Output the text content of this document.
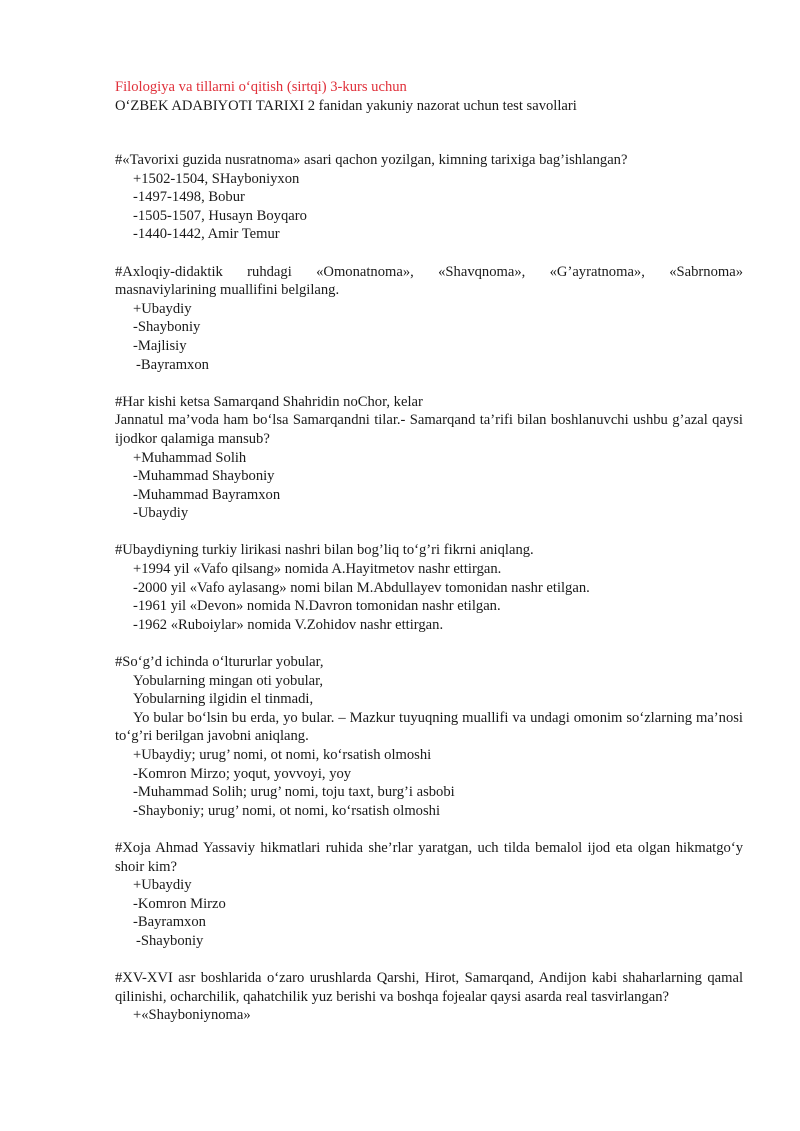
Filologiya va tillarni o‘qitish (sirtqi) 3-kurs uchun
O‘ZBEK ADABIYOTI TARIXI 2 fanidan yakuniy nazorat uchun test savollari
#«Tavorixi guzida nusratnoma» asari qachon yozilgan, kimning tarixiga bag’ishlangan?
+1502-1504, SHayboniyxon
-1497-1498, Bobur
-1505-1507, Husayn Boyqaro
-1440-1442, Amir Temur
#Axloqiy-didaktik ruhdagi «Omonatnoma», «Shavqnoma», «G’ayratnoma», «Sabrnoma» masnaviylarining muallifini belgilang.
+Ubaydiy
-Shayboniy
-Majlisiy
-Bayramxon
#Har kishi ketsa Samarqand Shahridin noChor, kelar
Jannatul ma’voda ham bo‘lsa Samarqandni tilar.- Samarqand ta’rifi bilan boshlanuvchi ushbu g’azal qaysi ijodkor qalamiga mansub?
+Muhammad Solih
-Muhammad Shayboniy
-Muhammad Bayramxon
-Ubaydiy
#Ubaydiyning turkiy lirikasi nashri bilan bog’liq to‘g’ri fikrni aniqlang.
+1994 yil «Vafo qilsang» nomida A.Hayitmetov nashr ettirgan.
-2000 yil «Vafo aylasang» nomi bilan M.Abdullayev tomonidan nashr etilgan.
-1961 yil «Devon» nomida N.Davron tomonidan nashr etilgan.
-1962 «Ruboiylar» nomida V.Zohidov nashr ettirgan.
#So‘g’d ichinda o‘ltururlar yobular,
Yobularning mingan oti yobular,
Yobularning ilgidin el tinmadi,
Yo bular bo‘lsin bu erda, yo bular. – Mazkur tuyuqning muallifi va undagi omonim so‘zlarning ma’nosi to‘g’ri berilgan javobni aniqlang.
+Ubaydiy; urug’ nomi, ot nomi, ko‘rsatish olmoshi
-Komron Mirzo; yoqut, yovvoyi, yoy
-Muhammad Solih; urug’ nomi, toju taxt, burg’i asbobi
-Shayboniy; urug’ nomi, ot nomi, ko‘rsatish olmoshi
#Xoja Ahmad Yassaviy hikmatlari ruhida she’rlar yaratgan, uch tilda bemalol ijod eta olgan hikmatgo‘y shoir kim?
+Ubaydiy
-Komron Mirzo
-Bayramxon
-Shayboniy
#XV-XVI asr boshlarida o‘zaro urushlarda Qarshi, Hirot, Samarqand, Andijon kabi shaharlarning qamal qilinishi, ocharchilik, qahatchilik yuz berishi va boshqa fojealar qaysi asarda real tasvirlangan?
+«Shayboniynoma»
